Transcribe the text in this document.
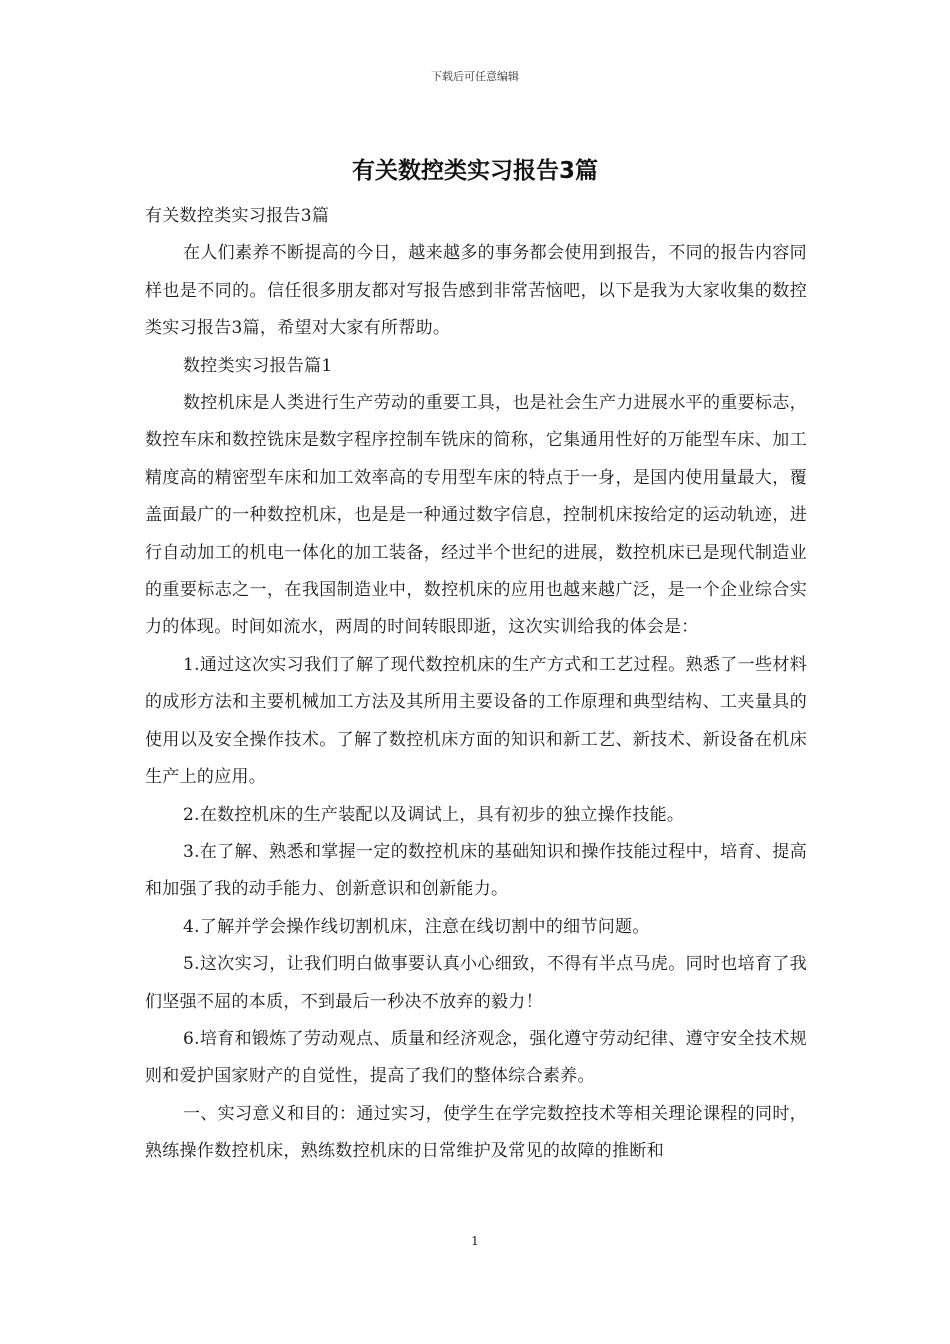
下载后可任意编辑
有关数控类实习报告3篇

有关数控类实习报告3篇

在人们素养不断提高的今日，越来越多的事务都会使用到报告，不同的报告内容同样也是不同的。信任很多朋友都对写报告感到非常苦恼吧，以下是我为大家收集的数控类实习报告3篇，希望对大家有所帮助。

数控类实习报告篇1

数控机床是人类进行生产劳动的重要工具，也是社会生产力进展水平的重要标志，数控车床和数控铣床是数字程序控制车铣床的简称，它集通用性好的万能型车床、加工精度高的精密型车床和加工效率高的专用型车床的特点于一身，是国内使用量最大，覆盖面最广的一种数控机床，也是是一种通过数字信息，控制机床按给定的运动轨迹，进行自动加工的机电一体化的加工装备，经过半个世纪的进展，数控机床已是现代制造业的重要标志之一，在我国制造业中，数控机床的应用也越来越广泛，是一个企业综合实力的体现。时间如流水，两周的时间转眼即逝，这次实训给我的体会是：

1.通过这次实习我们了解了现代数控机床的生产方式和工艺过程。熟悉了一些材料的成形方法和主要机械加工方法及其所用主要设备的工作原理和典型结构、工夹量具的使用以及安全操作技术。了解了数控机床方面的知识和新工艺、新技术、新设备在机床生产上的应用。

2.在数控机床的生产装配以及调试上，具有初步的独立操作技能。

3.在了解、熟悉和掌握一定的数控机床的基础知识和操作技能过程中，培育、提高和加强了我的动手能力、创新意识和创新能力。

4.了解并学会操作线切割机床，注意在线切割中的细节问题。

5.这次实习，让我们明白做事要认真小心细致，不得有半点马虎。同时也培育了我们坚强不屈的本质，不到最后一秒决不放弃的毅力！

6.培育和锻炼了劳动观点、质量和经济观念，强化遵守劳动纪律、遵守安全技术规则和爱护国家财产的自觉性，提高了我们的整体综合素养。

一、实习意义和目的：通过实习，使学生在学完数控技术等相关理论课程的同时，熟练操作数控机床，熟练数控机床的日常维护及常见的故障的推断和

1
